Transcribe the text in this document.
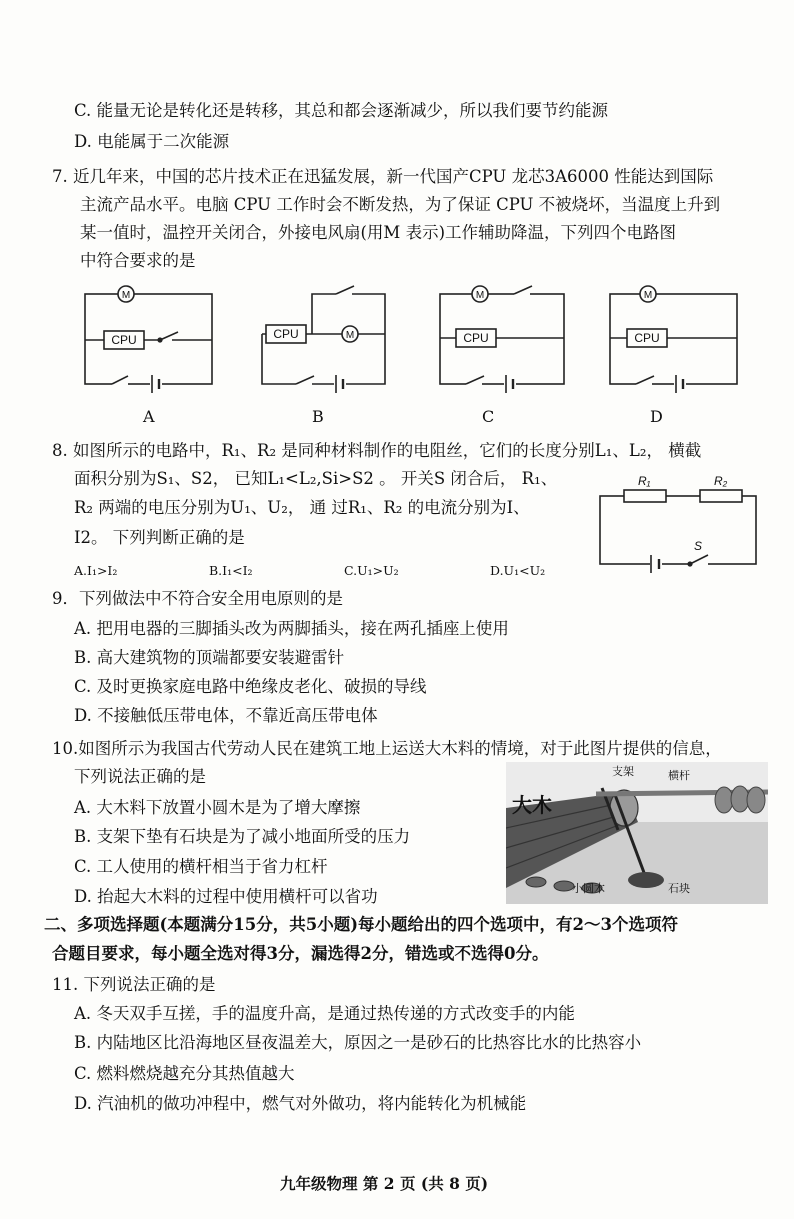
C. 能量无论是转化还是转移，其总和都会逐渐减少，所以我们要节约能源
D. 电能属于二次能源
7. 近几年来，中国的芯片技术正在迅猛发展，新一代国产CPU 龙芯3A6000 性能达到国际
主流产品水平。电脑 CPU 工作时会不断发热，为了保证 CPU 不被烧坏，当温度上升到
某一值时，温控开关闭合，外接电风扇(用M 表示)工作辅助降温，下列四个电路图
中符合要求的是
CPU
M
CPU	M	CPU
M
CPU
M
A	B	C	D
8. 如图所示的电路中，R₁、R₂ 是同种材料制作的电阻丝，它们的长度分别L₁、L₂， 横截
面积分别为S₁、S2， 已知L₁<L₂,Si>S2 。 开关S 闭合后， R₁、
R₂ 两端的电压分别为U₁、U₂， 通 过R₁、R₂ 的电流分别为I、
I2。 下列判断正确的是
R₁	R₂
S
A.I₁>I₂	B.I₁<I₂	C.U₁>U₂	D.U₁<U₂
9．下列做法中不符合安全用电原则的是
A. 把用电器的三脚插头改为两脚插头，接在两孔插座上使用
B. 高大建筑物的顶端都要安装避雷针
C. 及时更换家庭电路中绝缘皮老化、破损的导线
D. 不接触低压带电体，不靠近高压带电体
10.如图所示为我国古代劳动人民在建筑工地上运送大木料的情境，对于此图片提供的信息，
下列说法正确的是
A. 大木料下放置小圆木是为了增大摩擦
B. 支架下垫有石块是为了减小地面所受的压力
C. 工人使用的横杆相当于省力杠杆
D. 抬起大木料的过程中使用横杆可以省功
支架	横杆
小圆木	石块
大木
二、多项选择题(本题满分15分，共5小题)每小题给出的四个选项中，有2～3个选项符
合题目要求，每小题全选对得3分，漏选得2分，错选或不选得0分。
11. 下列说法正确的是
A. 冬天双手互搓，手的温度升高，是通过热传递的方式改变手的内能
B. 内陆地区比沿海地区昼夜温差大，原因之一是砂石的比热容比水的比热容小
C. 燃料燃烧越充分其热值越大
D. 汽油机的做功冲程中，燃气对外做功，将内能转化为机械能
九年级物理 第 2 页 (共 8 页)
